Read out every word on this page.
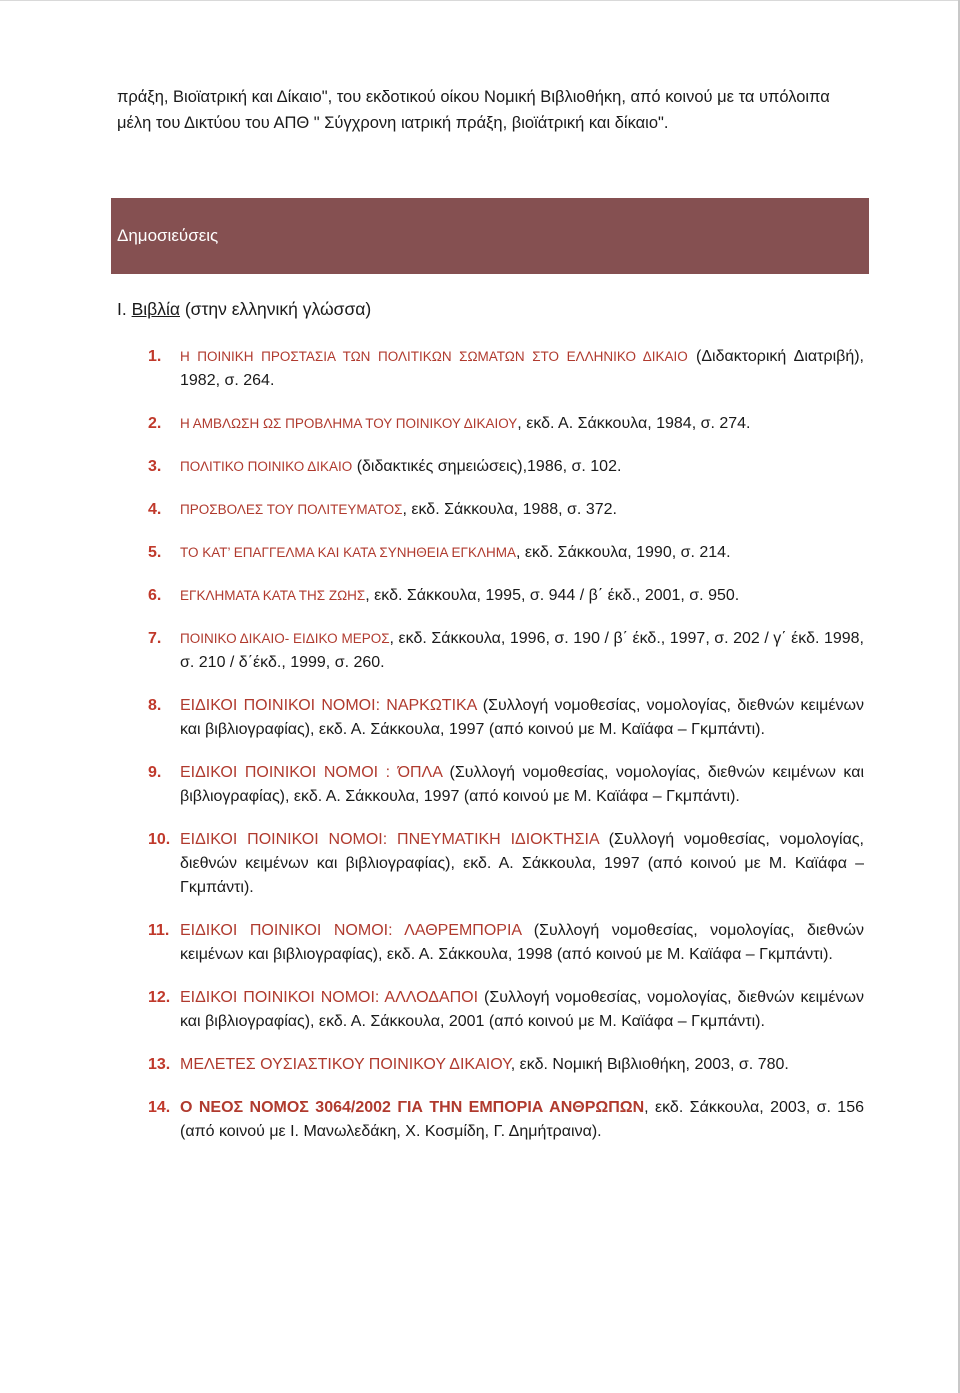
πράξη, Βιοϊατρική και Δίκαιο", του εκδοτικού οίκου Νομική Βιβλιοθήκη, από κοινού με τα υπόλοιπα μέλη του Δικτύου του ΑΠΘ " Σύγχρονη ιατρική πράξη, βιοϊάτρική και δίκαιο".
Δημοσιεύσεις
I. Βιβλία (στην ελληνική γλώσσα)
1. Η ΠΟΙΝΙΚΗ ΠΡΟΣΤΑΣΙΑ ΤΩΝ ΠΟΛΙΤΙΚΩΝ ΣΩΜΑΤΩΝ ΣΤΟ ΕΛΛΗΝΙΚΟ ΔΙΚΑΙΟ (Διδακτορική Διατριβή), 1982, σ. 264.
2. Η ΑΜΒΛΩΣΗ ΩΣ ΠΡΟΒΛΗΜΑ ΤΟΥ ΠΟΙΝΙΚΟΥ ΔΙΚΑΙΟΥ, εκδ. Α. Σάκκουλα, 1984, σ. 274.
3. ΠΟΛΙΤΙΚΟ ΠΟΙΝΙΚΟ ΔΙΚΑΙΟ (διδακτικές σημειώσεις),1986, σ. 102.
4. ΠΡΟΣΒΟΛΕΣ ΤΟΥ ΠΟΛΙΤΕΥΜΑΤΟΣ, εκδ. Σάκκουλα, 1988, σ. 372.
5. ΤΟ ΚΑΤ’ ΕΠΑΓΓΕΛΜΑ ΚΑΙ ΚΑΤΑ ΣΥΝΗΘΕΙΑ ΕΓΚΛΗΜΑ, εκδ. Σάκκουλα, 1990, σ. 214.
6. ΕΓΚΛΗΜΑΤΑ ΚΑΤΑ ΤΗΣ ΖΩΗΣ, εκδ. Σάκκουλα, 1995, σ. 944 / β΄ έκδ., 2001, σ. 950.
7. ΠΟΙΝΙΚΟ ΔΙΚΑΙΟ- ΕΙΔΙΚΟ ΜΕΡΟΣ, εκδ. Σάκκουλα, 1996, σ. 190 / β΄ έκδ., 1997, σ. 202 / γ΄ έκδ. 1998, σ. 210 / δ΄έκδ., 1999, σ. 260.
8. ΕΙΔΙΚΟΙ ΠΟΙΝΙΚΟΙ ΝΟΜΟΙ: ΝΑΡΚΩΤΙΚΑ (Συλλογή νομοθεσίας, νομολογίας, διεθνών κειμένων και βιβλιογραφίας), εκδ. Α. Σάκκουλα, 1997 (από κοινού με Μ. Καϊάφα – Γκμπάντι).
9. ΕΙΔΙΚΟΙ ΠΟΙΝΙΚΟΙ ΝΟΜΟΙ : ΌΠΛΑ (Συλλογή νομοθεσίας, νομολογίας, διεθνών κειμένων και βιβλιογραφίας), εκδ. Α. Σάκκουλα, 1997 (από κοινού με Μ. Καϊάφα – Γκμπάντι).
10. ΕΙΔΙΚΟΙ ΠΟΙΝΙΚΟΙ ΝΟΜΟΙ: ΠΝΕΥΜΑΤΙΚΗ ΙΔΙΟΚΤΗΣΙΑ (Συλλογή νομοθεσίας, νομολογίας, διεθνών κειμένων και βιβλιογραφίας), εκδ. Α. Σάκκουλα, 1997 (από κοινού με Μ. Καϊάφα – Γκμπάντι).
11. ΕΙΔΙΚΟΙ ΠΟΙΝΙΚΟΙ ΝΟΜΟΙ: ΛΑΘΡΕΜΠΟΡΙΑ (Συλλογή νομοθεσίας, νομολογίας, διεθνών κειμένων και βιβλιογραφίας), εκδ. Α. Σάκκουλα, 1998 (από κοινού με Μ. Καϊάφα – Γκμπάντι).
12. ΕΙΔΙΚΟΙ ΠΟΙΝΙΚΟΙ ΝΟΜΟΙ: ΑΛΛΟΔΑΠΟΙ (Συλλογή νομοθεσίας, νομολογίας, διεθνών κειμένων και βιβλιογραφίας), εκδ. Α. Σάκκουλα, 2001 (από κοινού με Μ. Καϊάφα – Γκμπάντι).
13. ΜΕΛΕΤΕΣ ΟΥΣΙΑΣΤΙΚΟΥ ΠΟΙΝΙΚΟΥ ΔΙΚΑΙΟΥ, εκδ. Νομική Βιβλιοθήκη, 2003, σ. 780.
14. Ο ΝΕΟΣ ΝΟΜΟΣ 3064/2002 ΓΙΑ ΤΗΝ ΕΜΠΟΡΙΑ ΑΝΘΡΩΠΩΝ, εκδ. Σάκκουλα, 2003, σ. 156 (από κοινού με Ι. Μανωλεδάκη, Χ. Κοσμίδη, Γ. Δημήτραινα).
